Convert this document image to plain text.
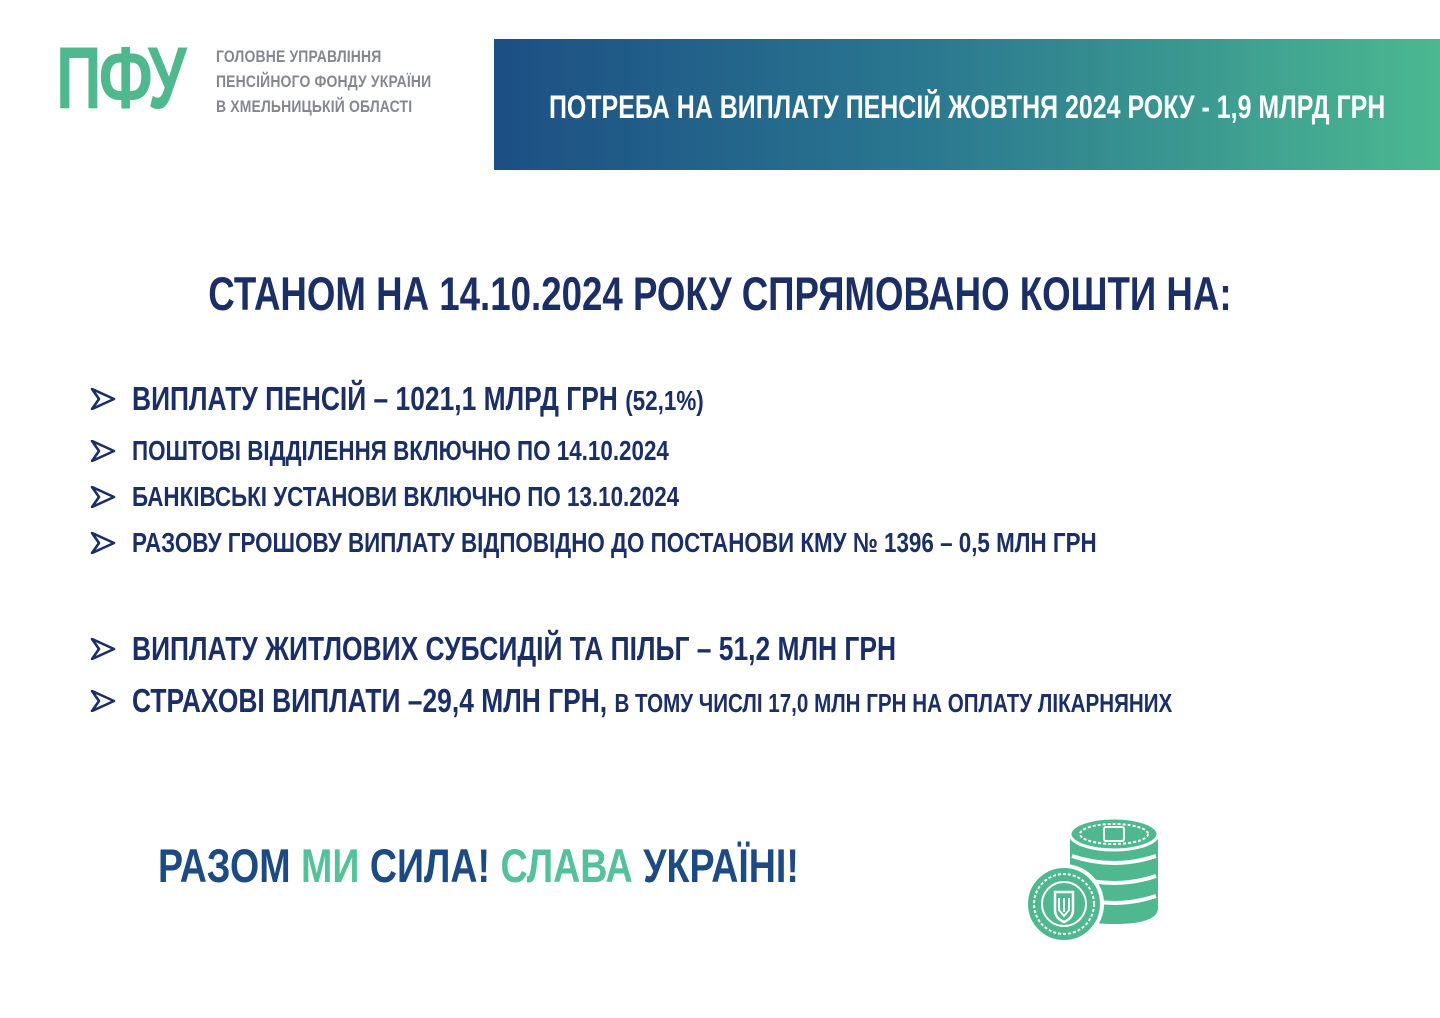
ПФУ ГОЛОВНЕ УПРАВЛІННЯ
ПЕНСІЙНОГО ФОНДУ УКРАЇНИ
В ХМЕЛЬНИЦЬКІЙ ОБЛАСТІ	ПОТРЕБА НА ВИПЛАТУ ПЕНСІЙ ЖОВТНЯ 2024 РОКУ - 1,9 МЛРД ГРН
СТАНОМ НА 14.10.2024 РОКУ СПРЯМОВАНО КОШТИ НА:
ВИПЛАТУ ПЕНСІЙ – 1021,1 МЛРД ГРН (52,1%)
ПОШТОВІ ВІДДІЛЕННЯ ВКЛЮЧНО ПО 14.10.2024
БАНКІВСЬКІ УСТАНОВИ ВКЛЮЧНО ПО 13.10.2024
РАЗОВУ ГРОШОВУ ВИПЛАТУ ВІДПОВІДНО ДО ПОСТАНОВИ КМУ № 1396 – 0,5 МЛН ГРН
ВИПЛАТУ ЖИТЛОВИХ СУБСИДІЙ ТА ПІЛЬГ – 51,2 МЛН ГРН
СТРАХОВІ ВИПЛАТИ –29,4 МЛН ГРН, В ТОМУ ЧИСЛІ 17,0 МЛН ГРН НА ОПЛАТУ ЛІКАРНЯНИХ
РАЗОМ МИ СИЛА! СЛАВА УКРАЇНІ!
